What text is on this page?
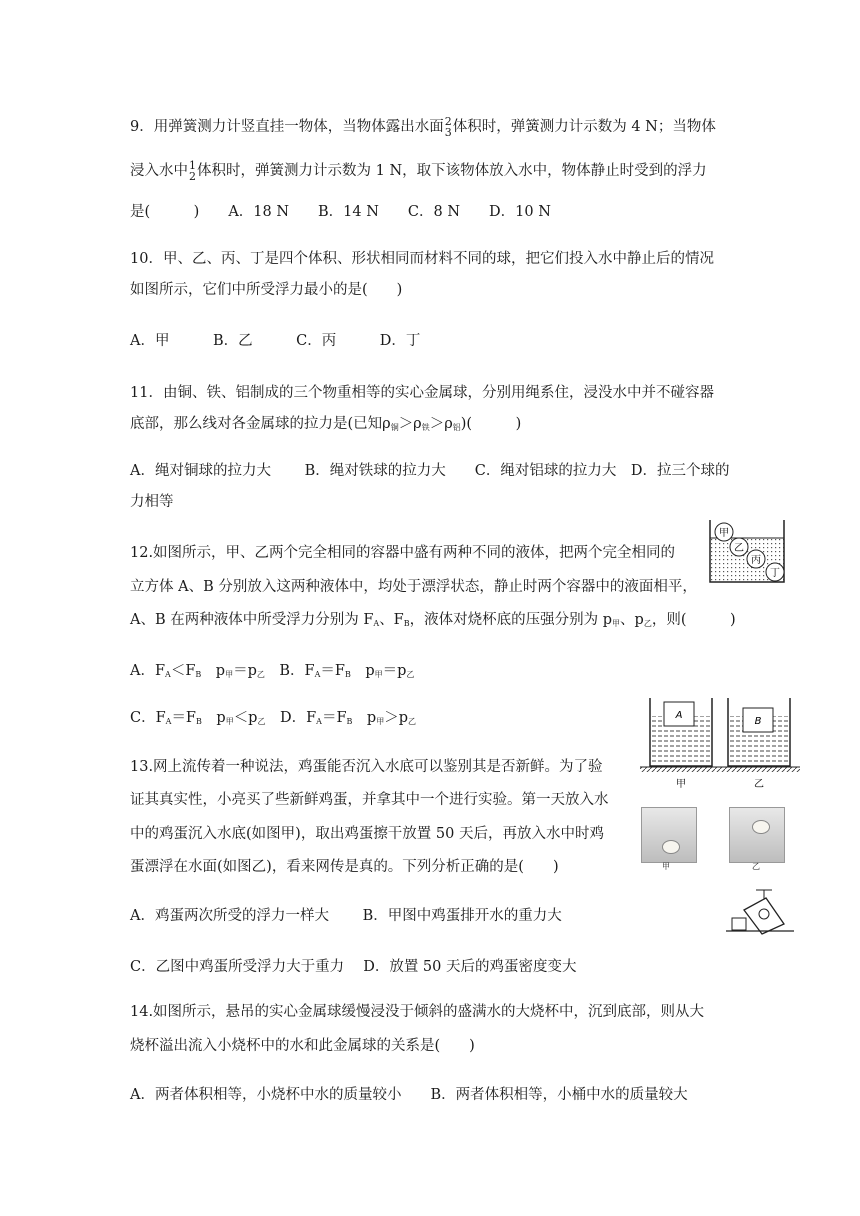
9．用弹簧测力计竖直挂一物体，当物体露出水面 2
3 体积时，弹簧测力计示数为 4 N；当物体
浸入水中 1
2 体积时，弹簧测力计示数为 1 N，取下该物体放入水中，物体静止时受到的浮力
是(　　　)　　A．18 N　　B．14 N　　C．8 N　　D．10 N
10．甲、乙、丙、丁是四个体积、形状相同而材料不同的球，把它们投入水中静止后的情况
如图所示，它们中所受浮力最小的是(　　)
A．甲　　　B．乙　　　C．丙　　　D．丁
11．由铜、铁、铝制成的三个物重相等的实心金属球，分别用绳系住，浸没水中并不碰容器
底部，那么线对各金属球的拉力是(已知$\rho_铜>\rho_铁>\rho_铝$)(　　　)
A．绳对铜球的拉力大　　 B．绳对铁球的拉力大　　C．绳对铝球的拉力大　D．拉三个球的
力相等
甲
乙
丙
丁
12.如图所示，甲、乙两个完全相同的容器中盛有两种不同的液体，把两个完全相同的
立方体 A、B 分别放入这两种液体中，均处于漂浮状态，静止时两个容器中的液面相平，
A、B 在两种液体中所受浮力分别为 $F_A$、$F_B$，液体对烧杯底的压强分别为 $p_甲$、$p_乙$，则(　　　)
A．$F_A<F_B$　$p_甲=p_乙$　B．$F_A=F_B$　$p_甲=p_乙$
C．$F_A=F_B$　$p_甲<p_乙$　D．$F_A=F_B$　$p_甲>p_乙$
A
B
甲	乙
13.网上流传着一种说法，鸡蛋能否沉入水底可以鉴别其是否新鲜。为了验
证其真实性，小亮买了些新鲜鸡蛋，并拿其中一个进行实验。第一天放入水
中的鸡蛋沉入水底(如图甲)，取出鸡蛋擦干放置 50 天后，再放入水中时鸡
蛋漂浮在水面(如图乙)，看来网传是真的。下列分析正确的是(　　)	甲	乙
A．鸡蛋两次所受的浮力一样大　　 B．甲图中鸡蛋排开水的重力大
C．乙图中鸡蛋所受浮力大于重力　 D．放置 50 天后的鸡蛋密度变大
14.如图所示，悬吊的实心金属球缓慢浸没于倾斜的盛满水的大烧杯中，沉到底部，则从大
烧杯溢出流入小烧杯中的水和此金属球的关系是(　　)
A．两者体积相等，小烧杯中水的质量较小　　B．两者体积相等，小桶中水的质量较大
